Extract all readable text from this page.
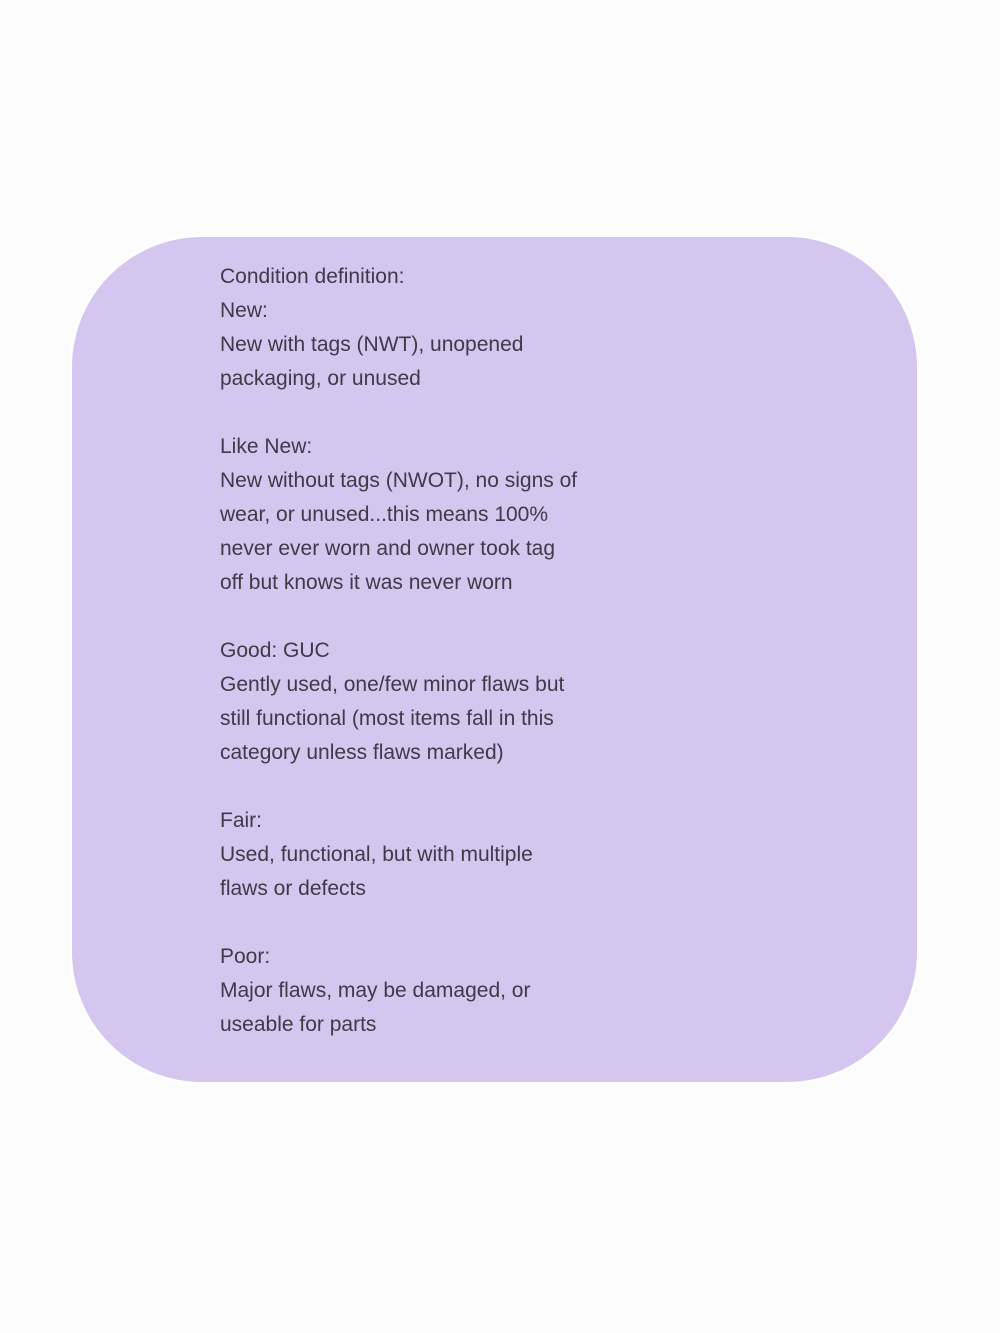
Condition definition:
New:
New with tags (NWT), unopened
packaging, or unused
Like New:
New without tags (NWOT), no signs of
wear, or unused...this means 100%
never ever worn and owner took tag
off but knows it was never worn
Good: GUC
Gently used, one/few minor flaws but
still functional (most items fall in this
category unless flaws marked)
Fair:
Used, functional, but with multiple
flaws or defects
Poor:
Major flaws, may be damaged, or
useable for parts
